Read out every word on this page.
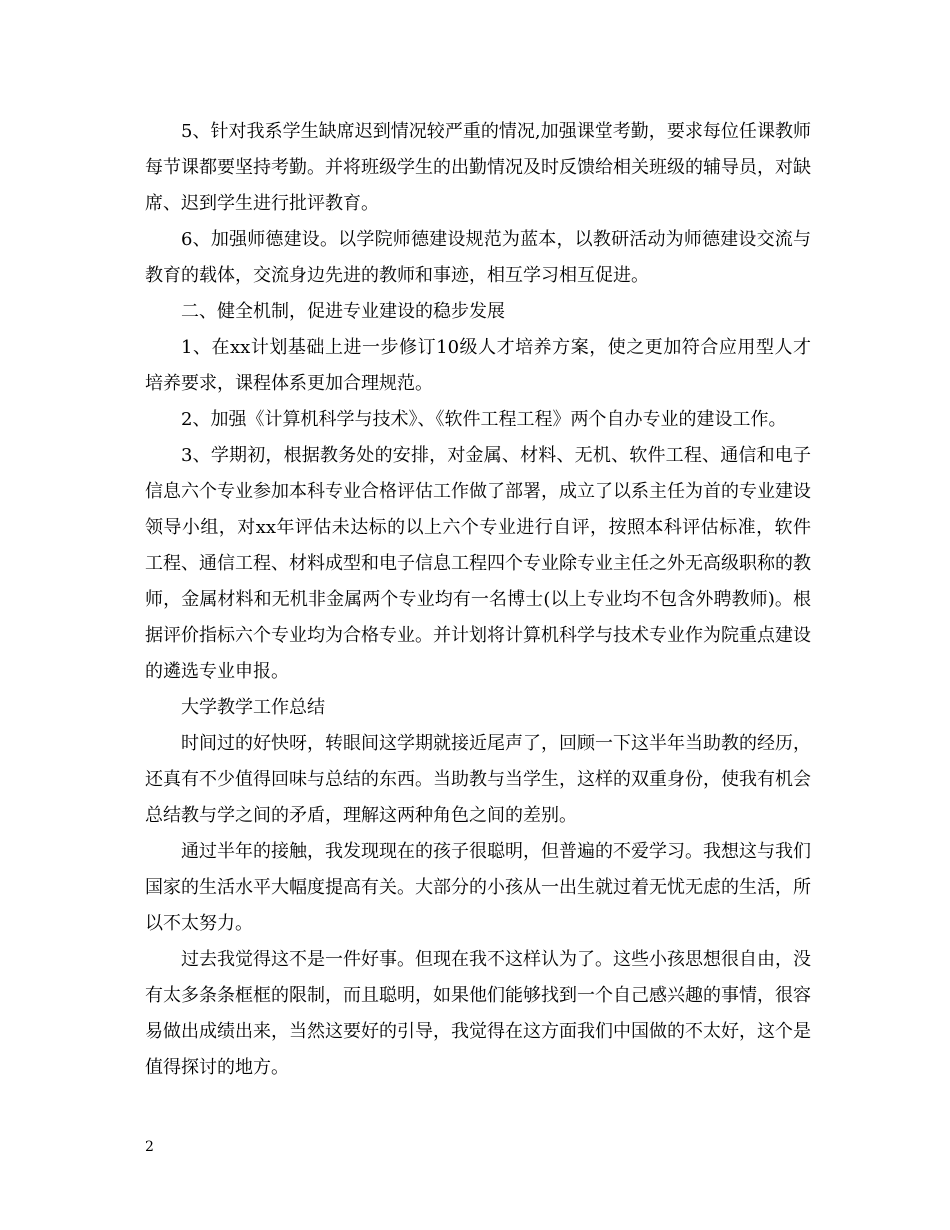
5、针对我系学生缺席迟到情况较严重的情况,加强课堂考勤，要求每位任课教师每节课都要坚持考勤。并将班级学生的出勤情况及时反馈给相关班级的辅导员，对缺席、迟到学生进行批评教育。

6、加强师德建设。以学院师德建设规范为蓝本，以教研活动为师德建设交流与教育的载体，交流身边先进的教师和事迹，相互学习相互促进。

二、健全机制，促进专业建设的稳步发展

1、在xx计划基础上进一步修订10级人才培养方案，使之更加符合应用型人才培养要求，课程体系更加合理规范。

2、加强《计算机科学与技术》、《软件工程工程》两个自办专业的建设工作。

3、学期初，根据教务处的安排，对金属、材料、无机、软件工程、通信和电子信息六个专业参加本科专业合格评估工作做了部署，成立了以系主任为首的专业建设领导小组，对xx年评估未达标的以上六个专业进行自评，按照本科评估标准，软件工程、通信工程、材料成型和电子信息工程四个专业除专业主任之外无高级职称的教师，金属材料和无机非金属两个专业均有一名博士(以上专业均不包含外聘教师)。根据评价指标六个专业均为合格专业。并计划将计算机科学与技术专业作为院重点建设的遴选专业申报。

大学教学工作总结

时间过的好快呀，转眼间这学期就接近尾声了，回顾一下这半年当助教的经历，还真有不少值得回味与总结的东西。当助教与当学生，这样的双重身份，使我有机会总结教与学之间的矛盾，理解这两种角色之间的差别。

通过半年的接触，我发现现在的孩子很聪明，但普遍的不爱学习。我想这与我们国家的生活水平大幅度提高有关。大部分的小孩从一出生就过着无忧无虑的生活，所以不太努力。

过去我觉得这不是一件好事。但现在我不这样认为了。这些小孩思想很自由，没有太多条条框框的限制，而且聪明，如果他们能够找到一个自己感兴趣的事情，很容易做出成绩出来，当然这要好的引导，我觉得在这方面我们中国做的不太好，这个是值得探讨的地方。

2
